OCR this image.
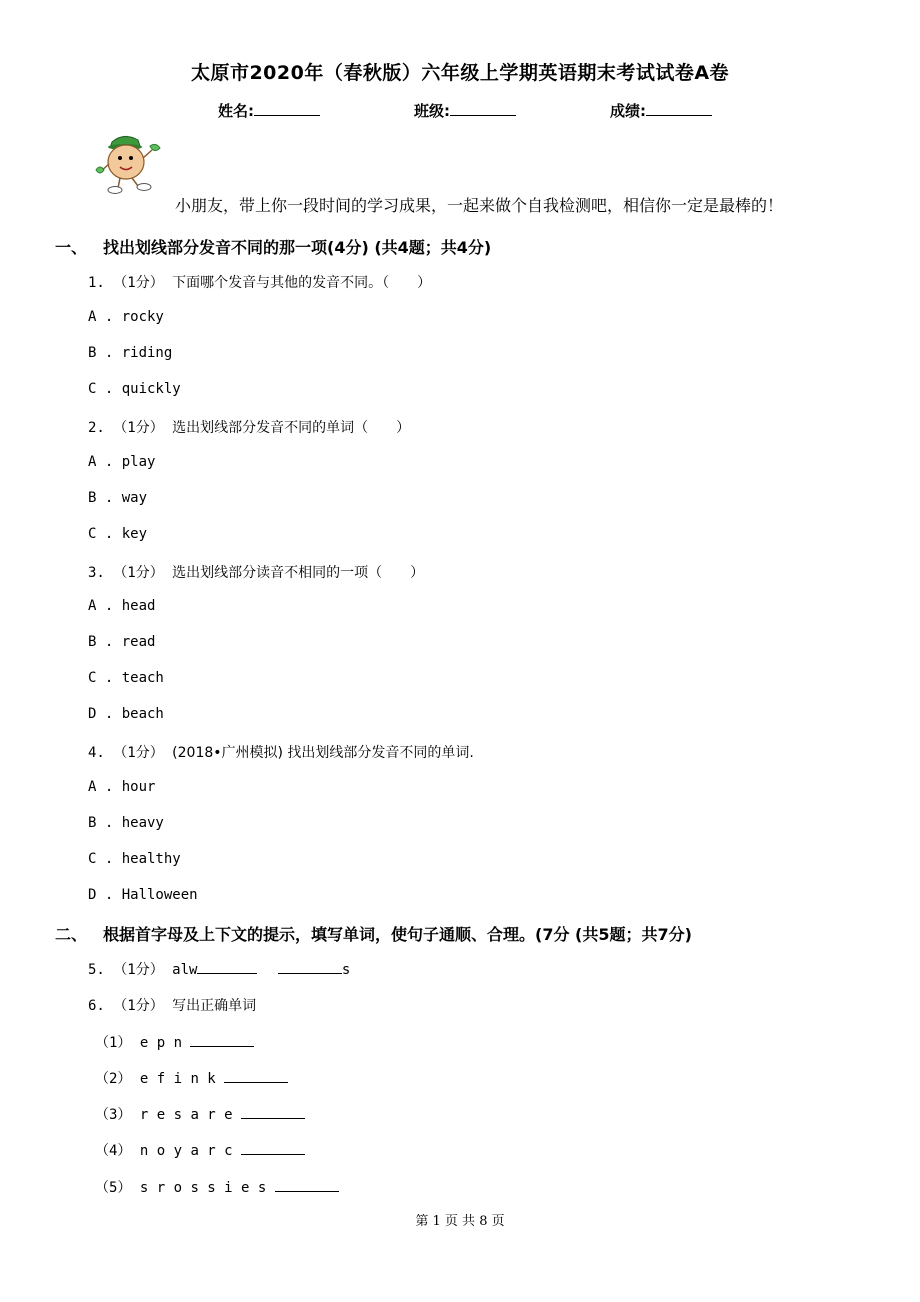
太原市2020年（春秋版）六年级上学期英语期末考试试卷A卷
姓名:	班级:	成绩:
小朋友，带上你一段时间的学习成果，一起来做个自我检测吧，相信你一定是最棒的！
一、 找出划线部分发音不同的那一项(4分) (共4题；共4分)
1. （1分） 下面哪个发音与其他的发音不同。（　　）
A . rocky
B . riding
C . quickly
2. （1分） 选出划线部分发音不同的单词（　　）
A . play
B . way
C . key
3. （1分） 选出划线部分读音不相同的一项（　　）
A . head
B . read
C . teach
D . beach
4. （1分） (2018•广州模拟) 找出划线部分发音不同的单词.
A . hour
B . heavy
C . healthy
D . Halloween
二、 根据首字母及上下文的提示，填写单词，使句子通顺、合理。(7分 (共5题；共7分)
5. （1分） alw	s
6. （1分） 写出正确单词
（1） e p n
（2） e f i n k
（3） r e s a r e
（4） n o y a r c
（5） s r o s s i e s
第 1 页 共 8 页
